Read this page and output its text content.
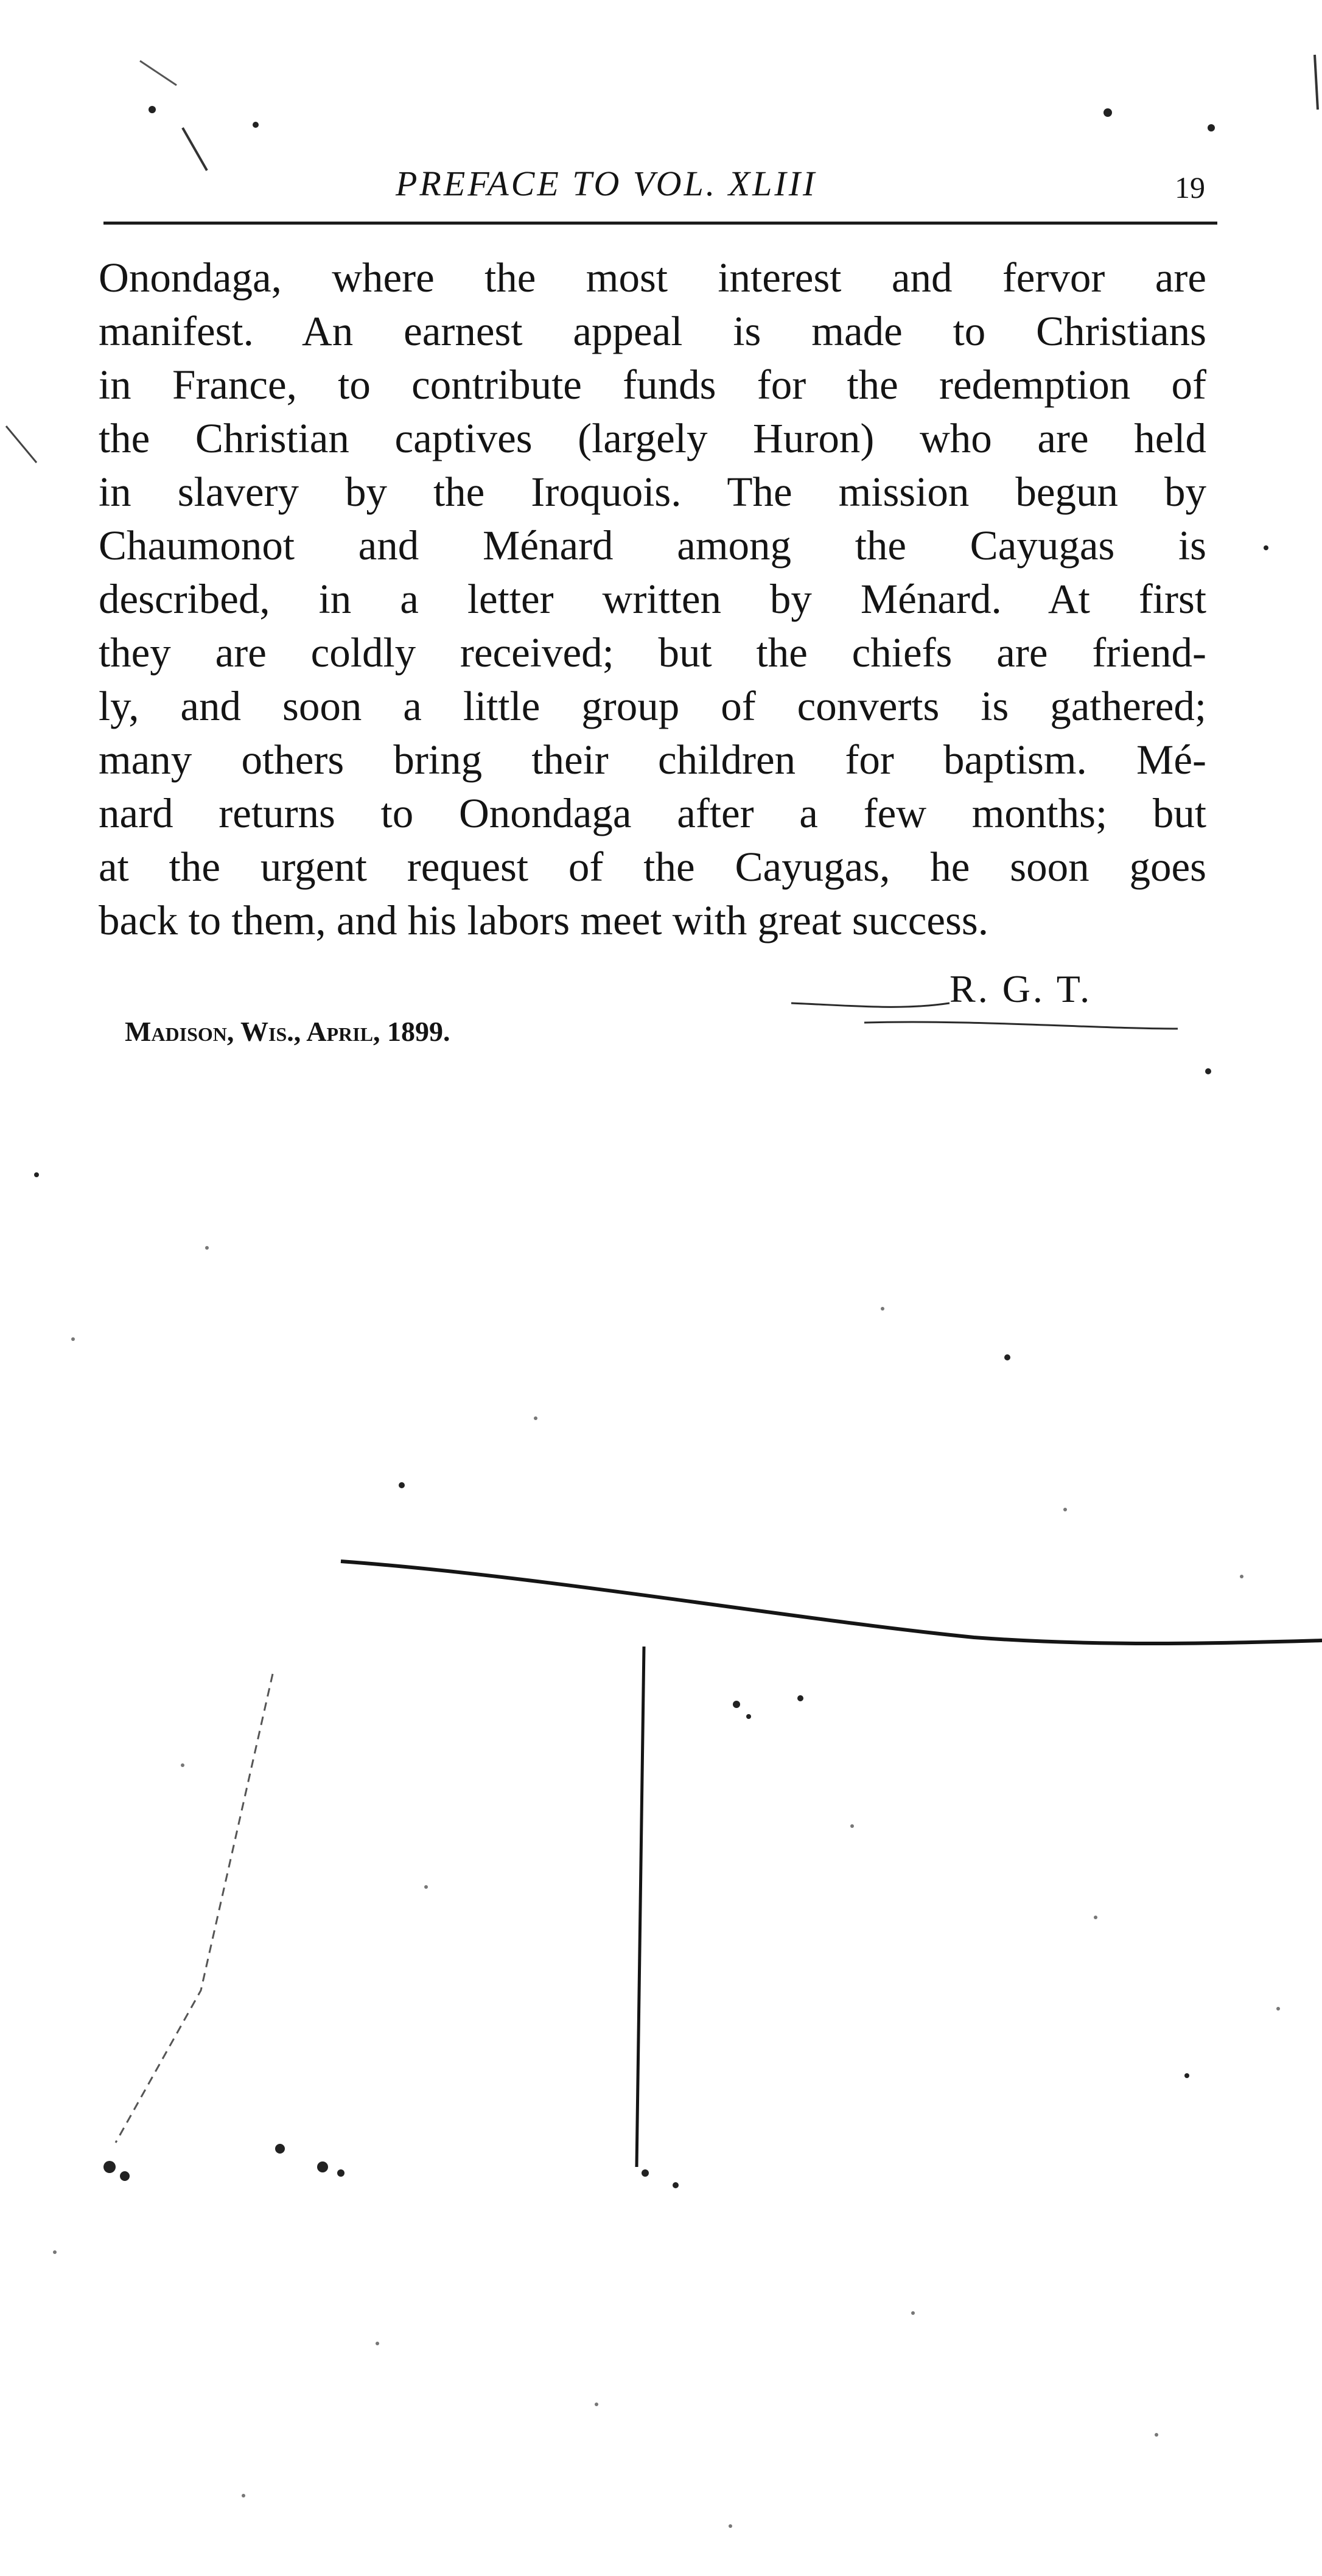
PREFACE TO VOL. XLIII	19
Onondaga, where the most interest and fervor are
manifest. An earnest appeal is made to Christians
in France, to contribute funds for the redemption of
the Christian captives (largely Huron) who are held
in slavery by the Iroquois. The mission begun by
Chaumonot and Ménard among the Cayugas is
described, in a letter written by Ménard. At first
they are coldly received; but the chiefs are friend-
ly, and soon a little group of converts is gathered;
many others bring their children for baptism. Mé-
nard returns to Onondaga after a few months; but
at the urgent request of the Cayugas, he soon goes
back to them, and his labors meet with great success.
R. G. T.
Madison, Wis., April, 1899.
